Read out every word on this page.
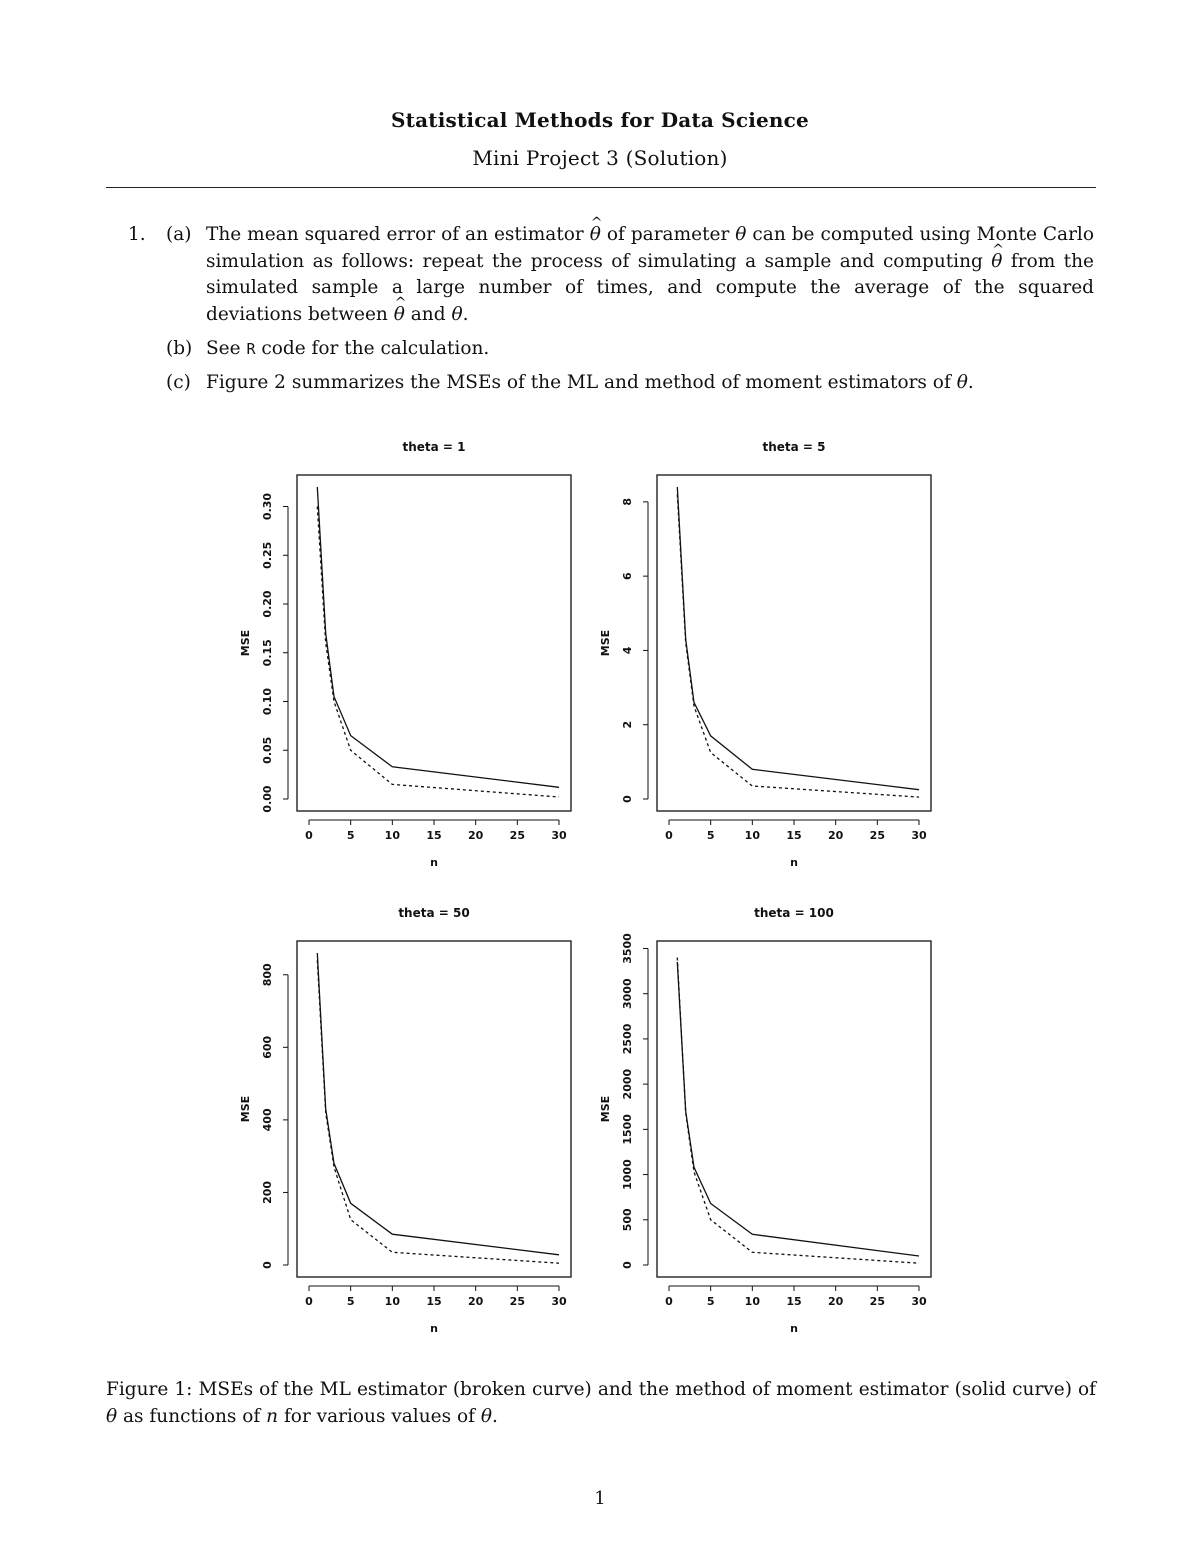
Statistical Methods for Data Science
Mini Project 3 (Solution)
1. (a) The mean squared error of an estimator ^ θ of parameter θ can be computed using Monte Carlo simulation as follows: repeat the process of simulating a sample and computing ^ θ from the simulated sample a large number of times, and compute the average of the squared deviations between ^ θ and θ.
(b) See R code for the calculation.
(c) Figure 2 summarizes the MSEs of the ML and method of moment estimators of θ.
theta = 1
0	5	10 15 20 25 30
n
0.00
0.05
0.10
0.15
0.20
0.25
0.30
MSE
theta = 5
0	5	10 15 20 25 30
n
0
2
4
6
8
MSE
theta = 50
0	5	10 15 20 25 30
n
0
200
400
600
800
MSE
theta = 100
0	5	10 15 20 25 30
n
0
500
1000
1500
2000
2500
3000
3500
MSE
Figure 1: MSEs of the ML estimator (broken curve) and the method of moment estimator (solid curve) of θ as functions of n for various values of θ.
1
